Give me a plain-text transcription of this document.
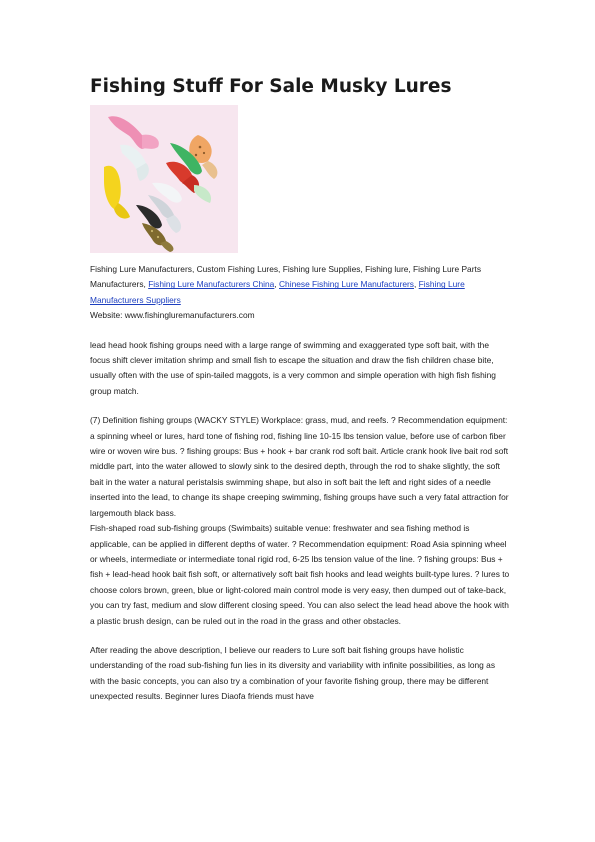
Fishing Stuff For Sale Musky Lures

Fishing Lure Manufacturers, Custom Fishing Lures, Fishing lure Supplies, Fishing lure, Fishing Lure Parts Manufacturers, Fishing Lure Manufacturers China, Chinese Fishing Lure Manufacturers, Fishing Lure Manufacturers Suppliers

Website: www.fishingluremanufacturers.com

lead head hook fishing groups need with a large range of swimming and exaggerated type soft bait, with the focus shift clever imitation shrimp and small fish to escape the situation and draw the fish children chase bite, usually often with the use of spin-tailed maggots, is a very common and simple operation with high fish fishing group match.

(7) Definition fishing groups (WACKY STYLE) Workplace: grass, mud, and reefs. ? Recommendation equipment: a spinning wheel or lures, hard tone of fishing rod, fishing line 10-15 lbs tension value, before use of carbon fiber wire or woven wire bus. ? fishing groups: Bus + hook + bar crank rod soft bait. Article crank hook live bait rod soft middle part, into the water allowed to slowly sink to the desired depth, through the rod to shake slightly, the soft bait in the water a natural peristalsis swimming shape, but also in soft bait the left and right sides of a needle inserted into the lead, to change its shape creeping swimming, fishing groups have such a very fatal attraction for largemouth black bass.

Fish-shaped road sub-fishing groups (Swimbaits) suitable venue: freshwater and sea fishing method is applicable, can be applied in different depths of water. ? Recommendation equipment: Road Asia spinning wheel or wheels, intermediate or intermediate tonal rigid rod, 6-25 lbs tension value of the line. ? fishing groups: Bus + fish + lead-head hook bait fish soft, or alternatively soft bait fish hooks and lead weights built-type lures. ? lures to choose colors brown, green, blue or light-colored main control mode is very easy, then dumped out of take-back, you can try fast, medium and slow different closing speed. You can also select the lead head above the hook with a plastic brush design, can be ruled out in the road in the grass and other obstacles.

After reading the above description, I believe our readers to Lure soft bait fishing groups have holistic understanding of the road sub-fishing fun lies in its diversity and variability with infinite possibilities, as long as with the basic concepts, you can also try a combination of your favorite fishing group, there may be different unexpected results. Beginner lures Diaofa friends must have
